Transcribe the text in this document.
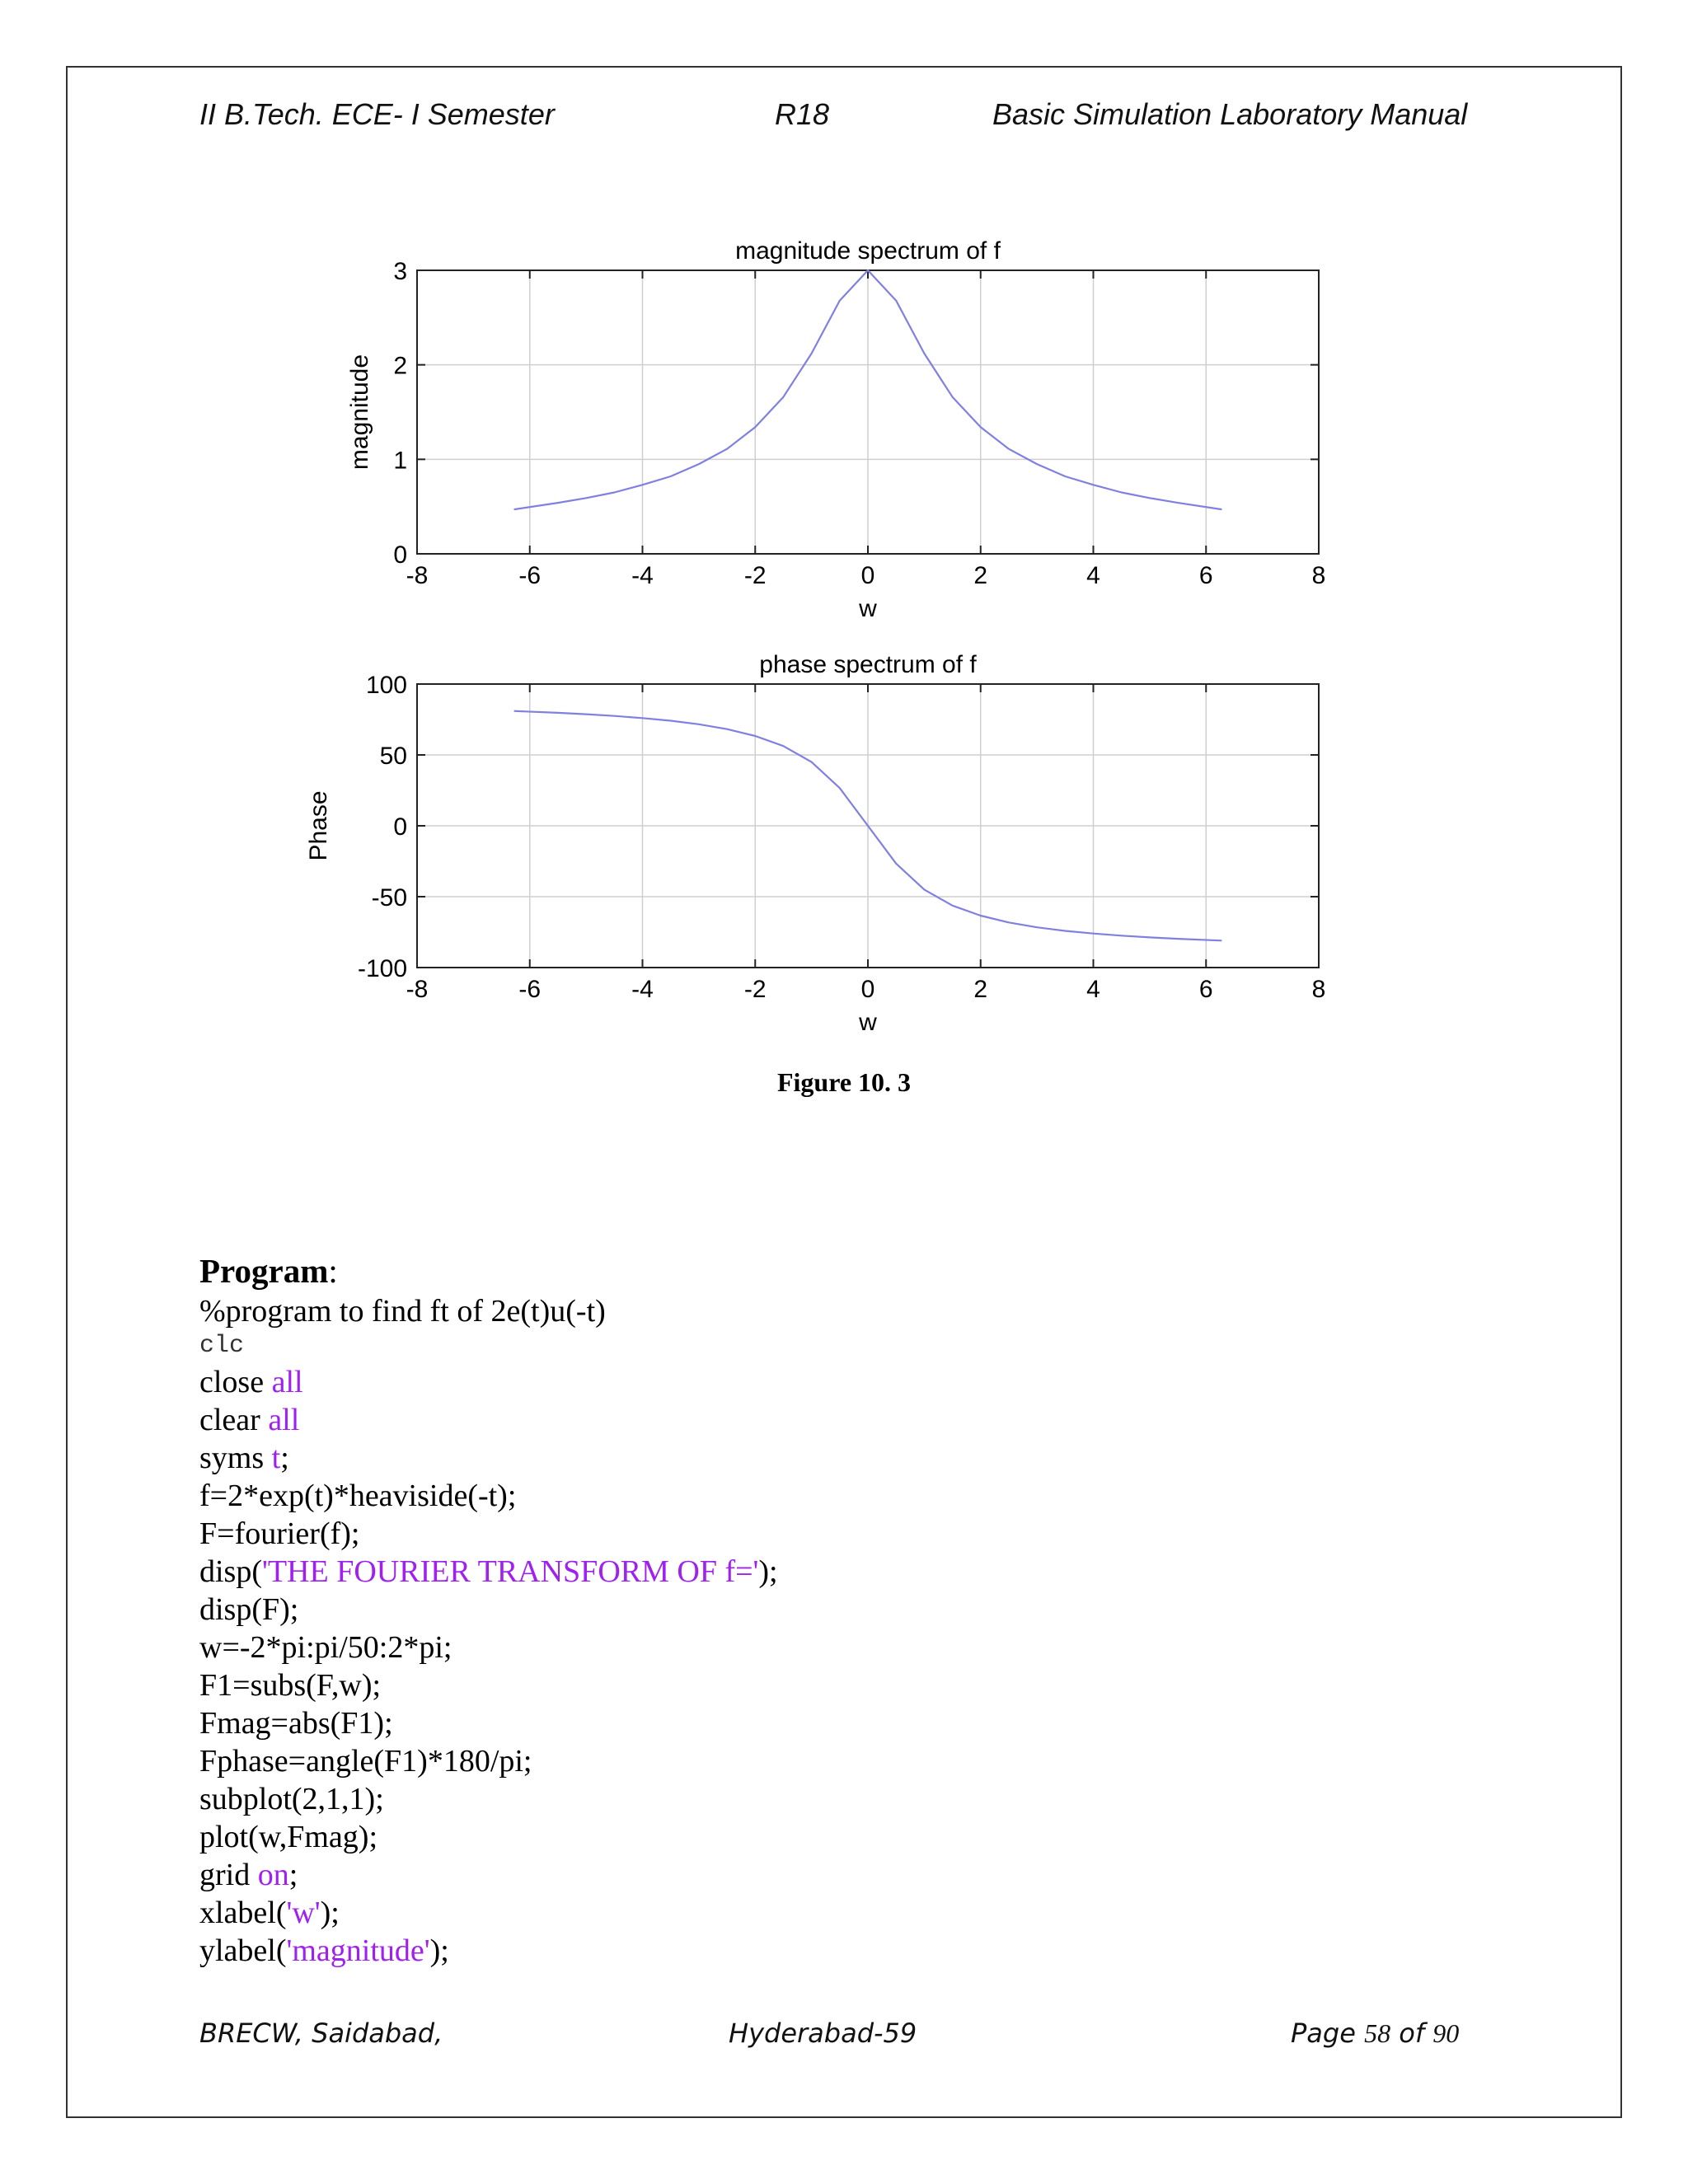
II B.Tech. ECE- I Semester	R18	Basic Simulation Laboratory Manual
-8	-6	-4	-2	0	2	4	6	8
0
1
2
3
magnitude spectrum of f
w
magnitude
-8	-6	-4	-2	0	2	4	6	8
-100
-50
0
50
100
phase spectrum of f
w
Phase
Figure 10. 3
Program:
%program to find ft of 2e(t)u(-t)
clc
close all
clear all
syms t;
f=2*exp(t)*heaviside(-t);
F=fourier(f);
disp('THE FOURIER TRANSFORM OF f=');
disp(F);
w=-2*pi:pi/50:2*pi;
F1=subs(F,w);
Fmag=abs(F1);
Fphase=angle(F1)*180/pi;
subplot(2,1,1);
plot(w,Fmag);
grid on;
xlabel('w');
ylabel('magnitude');
BRECW, Saidabad,	Hyderabad-59	Page 58 of 90
